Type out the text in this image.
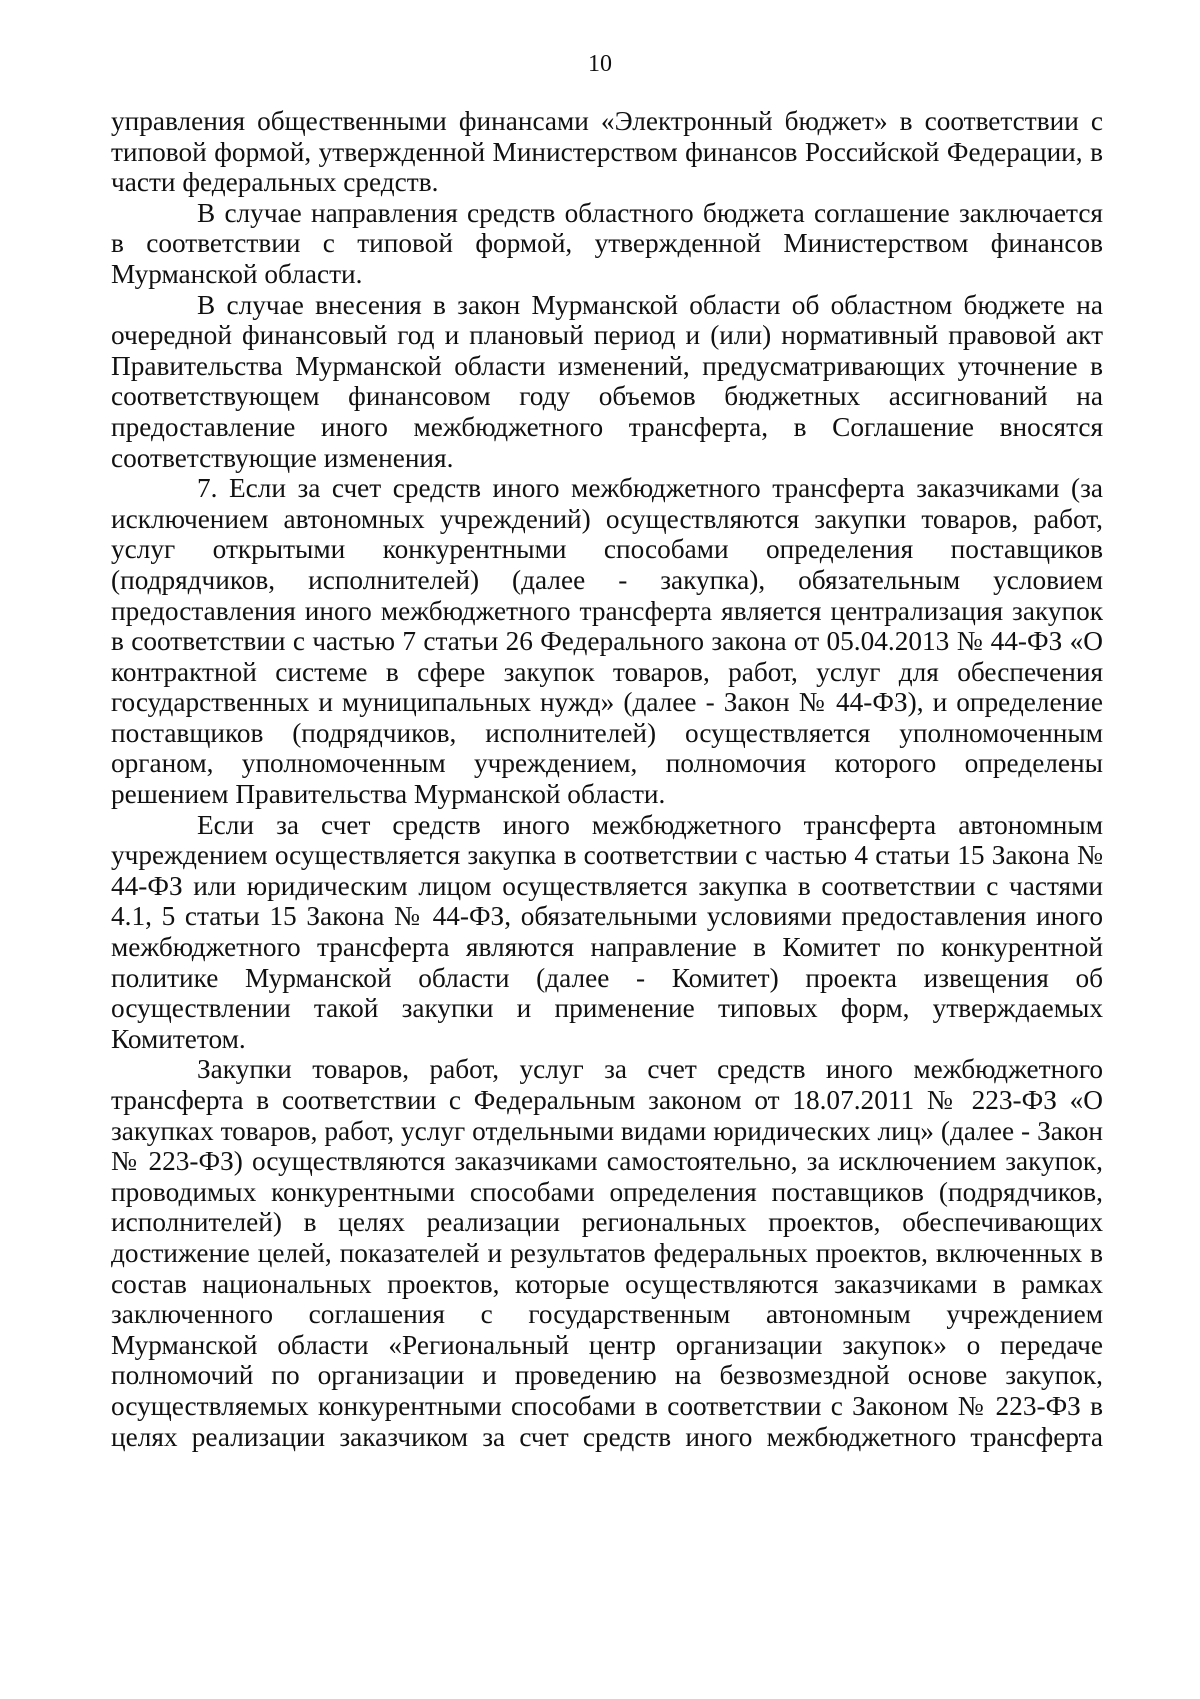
10

управления общественными финансами «Электронный бюджет» в соответствии с типовой формой, утвержденной Министерством финансов Российской Федерации, в части федеральных средств.

В случае направления средств областного бюджета соглашение заключается в соответствии с типовой формой, утвержденной Министерством финансов Мурманской области.

В случае внесения в закон Мурманской области об областном бюджете на очередной финансовый год и плановый период и (или) нормативный правовой акт Правительства Мурманской области изменений, предусматривающих уточнение в соответствующем финансовом году объемов бюджетных ассигнований на предоставление иного межбюджетного трансферта, в Соглашение вносятся соответствующие изменения.

7. Если за счет средств иного межбюджетного трансферта заказчиками (за исключением автономных учреждений) осуществляются закупки товаров, работ, услуг открытыми конкурентными способами определения поставщиков (подрядчиков, исполнителей) (далее - закупка), обязательным условием предоставления иного межбюджетного трансферта является централизация закупок в соответствии с частью 7 статьи 26 Федерального закона от 05.04.2013 № 44-ФЗ «О контрактной системе в сфере закупок товаров, работ, услуг для обеспечения государственных и муниципальных нужд» (далее - Закон № 44-ФЗ), и определение поставщиков (подрядчиков, исполнителей) осуществляется уполномоченным органом, уполномоченным учреждением, полномочия которого определены решением Правительства Мурманской области.

Если за счет средств иного межбюджетного трансферта автономным учреждением осуществляется закупка в соответствии с частью 4 статьи 15 Закона № 44-ФЗ или юридическим лицом осуществляется закупка в соответствии с частями 4.1, 5 статьи 15 Закона № 44-ФЗ, обязательными условиями предоставления иного межбюджетного трансферта являются направление в Комитет по конкурентной политике Мурманской области (далее - Комитет) проекта извещения об осуществлении такой закупки и применение типовых форм, утверждаемых Комитетом.

Закупки товаров, работ, услуг за счет средств иного межбюджетного трансферта в соответствии с Федеральным законом от 18.07.2011 № 223-ФЗ «О закупках товаров, работ, услуг отдельными видами юридических лиц» (далее - Закон № 223-ФЗ) осуществляются заказчиками самостоятельно, за исключением закупок, проводимых конкурентными способами определения поставщиков (подрядчиков, исполнителей) в целях реализации региональных проектов, обеспечивающих достижение целей, показателей и результатов федеральных проектов, включенных в состав национальных проектов, которые осуществляются заказчиками в рамках заключенного соглашения с государственным автономным учреждением Мурманской области «Региональный центр организации закупок» о передаче полномочий по организации и проведению на безвозмездной основе закупок, осуществляемых конкурентными способами в соответствии с Законом № 223-ФЗ в целях реализации заказчиком за счет средств иного межбюджетного трансферта
